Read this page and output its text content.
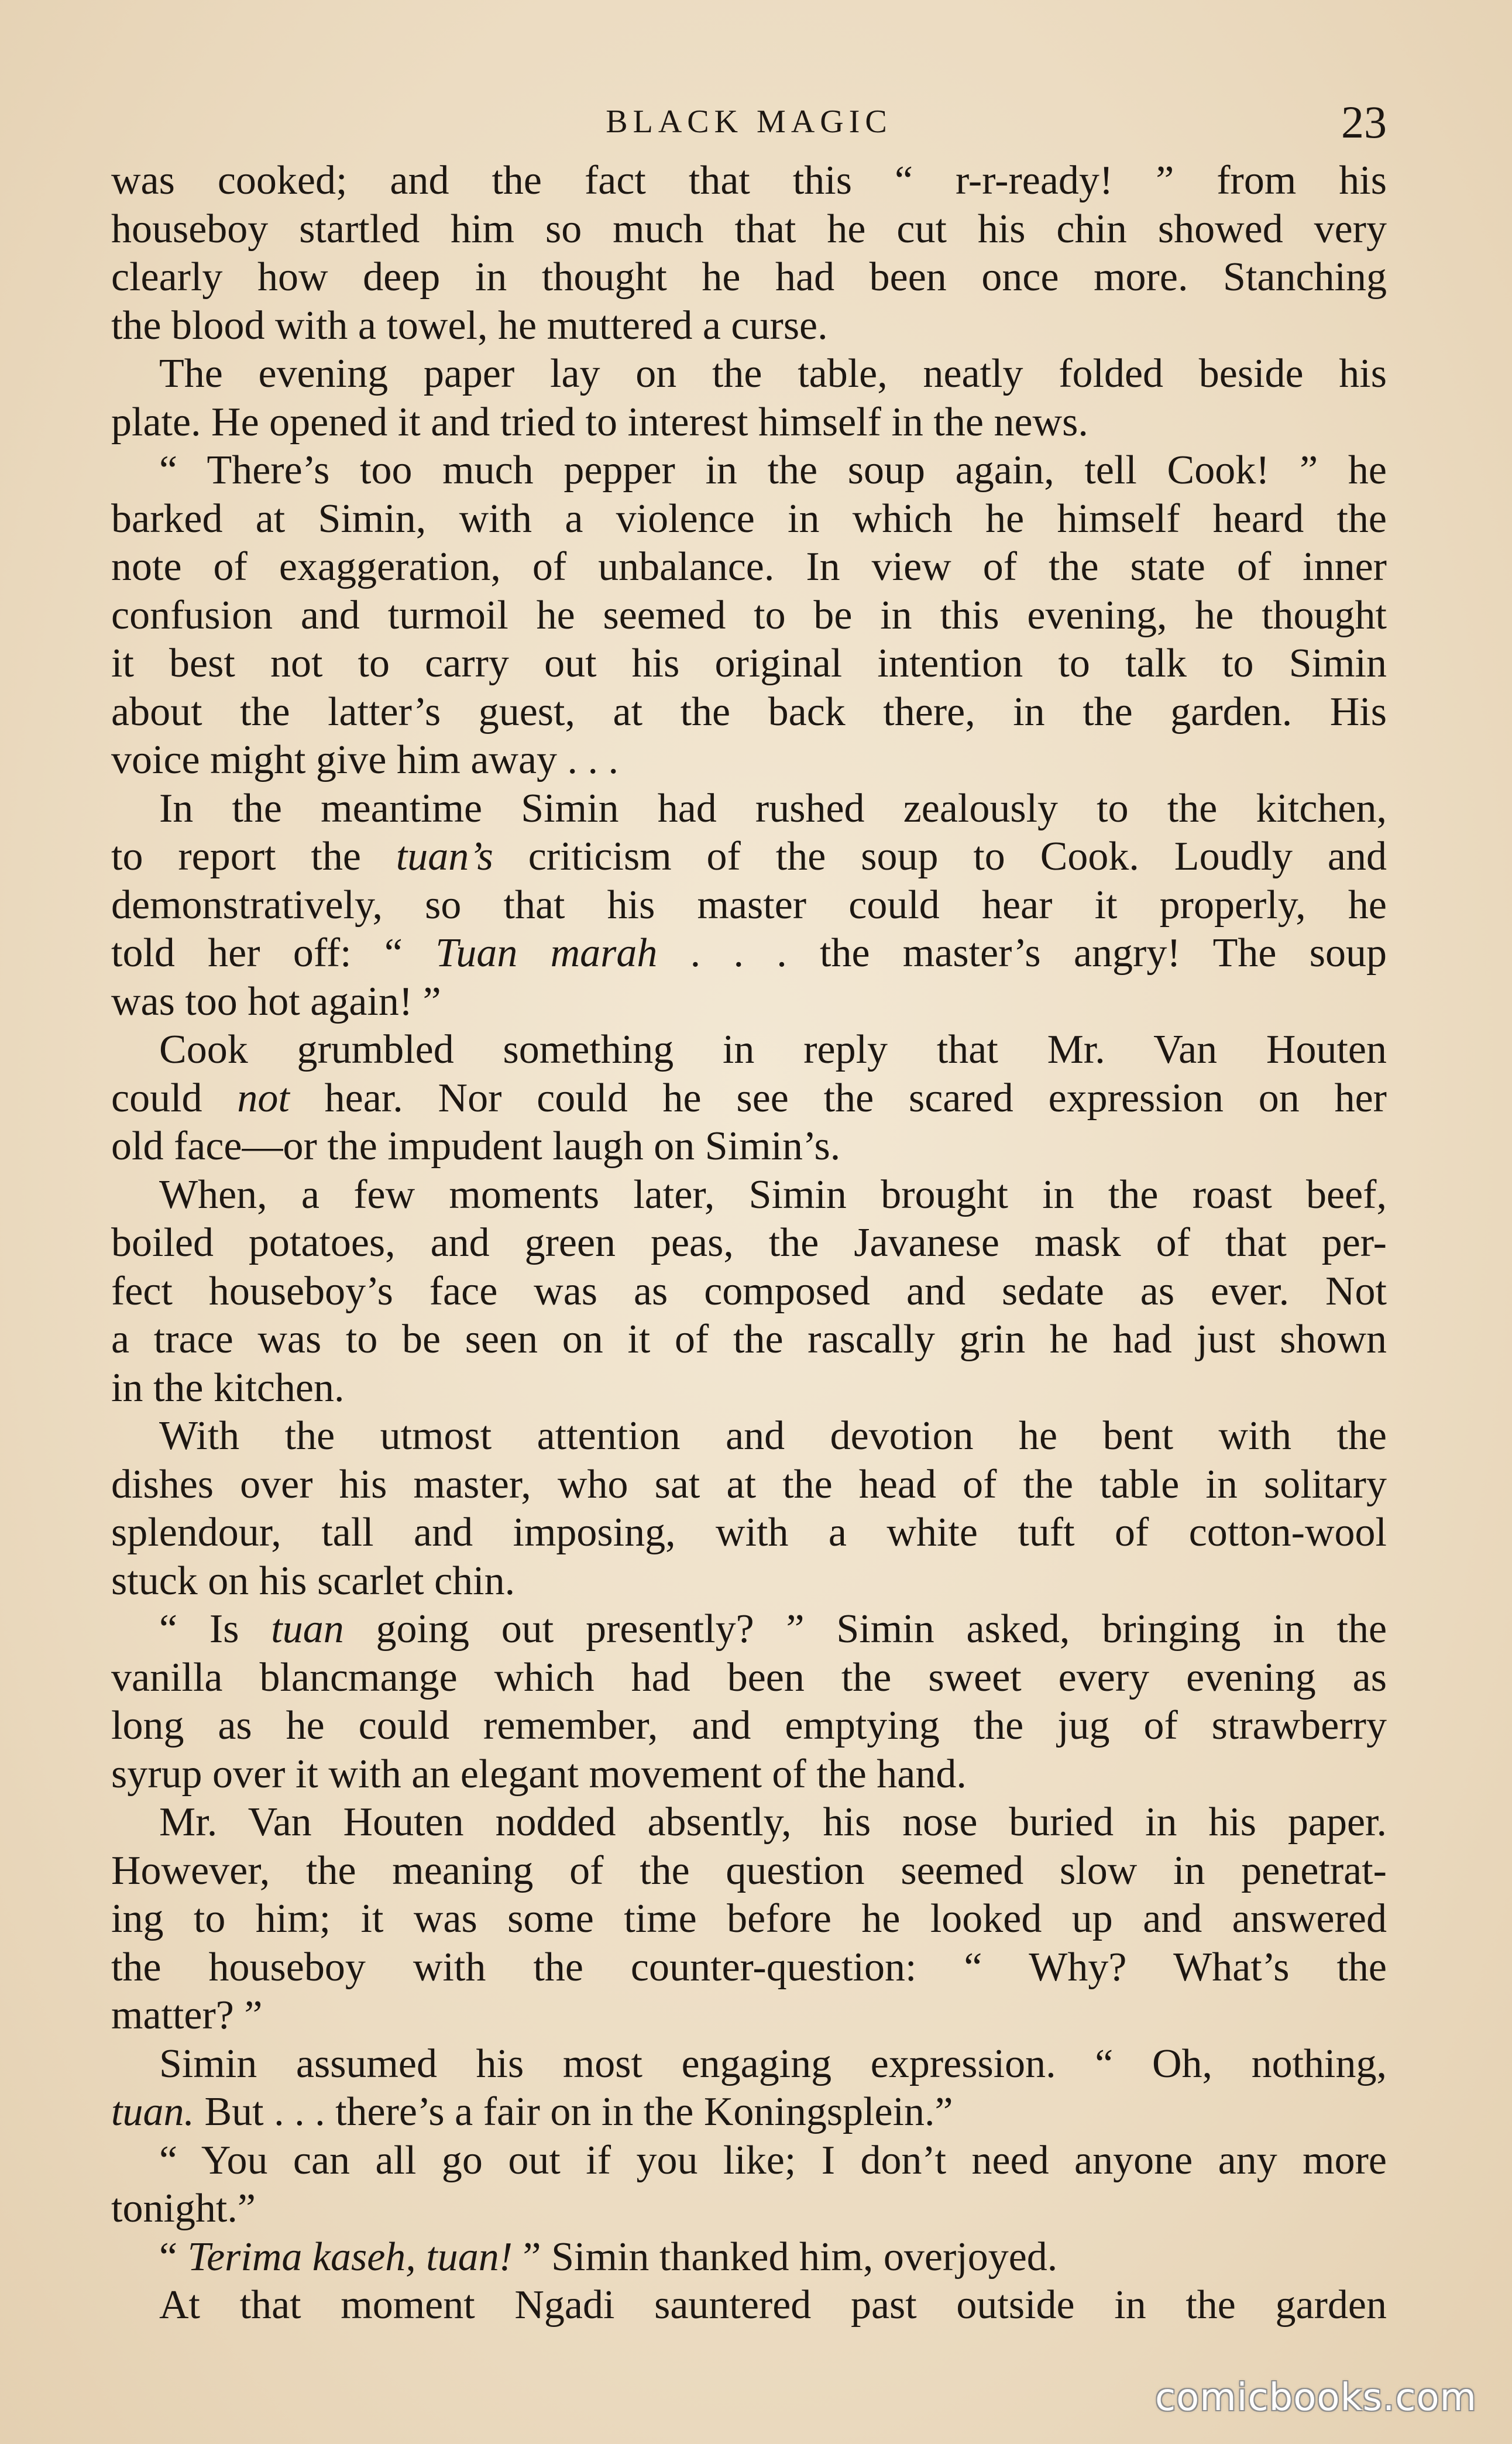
BLACK MAGIC	23
was cooked; and the fact that this “ r-r-ready! ” from his
houseboy startled him so much that he cut his chin showed very
clearly how deep in thought he had been once more. Stanching
the blood with a towel, he muttered a curse.
The evening paper lay on the table, neatly folded beside his
plate. He opened it and tried to interest himself in the news.
“ There’s too much pepper in the soup again, tell Cook! ” he
barked at Simin, with a violence in which he himself heard the
note of exaggeration, of unbalance. In view of the state of inner
confusion and turmoil he seemed to be in this evening, he thought
it best not to carry out his original intention to talk to Simin
about the latter’s guest, at the back there, in the garden. His
voice might give him away . . .
In the meantime Simin had rushed zealously to the kitchen,
to report the tuan’s criticism of the soup to Cook. Loudly and
demonstratively, so that his master could hear it properly, he
told her off: “ Tuan marah . . . the master’s angry! The soup
was too hot again! ”
Cook grumbled something in reply that Mr. Van Houten
could not hear. Nor could he see the scared expression on her
old face—or the impudent laugh on Simin’s.
When, a few moments later, Simin brought in the roast beef,
boiled potatoes, and green peas, the Javanese mask of that per-
fect houseboy’s face was as composed and sedate as ever. Not
a trace was to be seen on it of the rascally grin he had just shown
in the kitchen.
With the utmost attention and devotion he bent with the
dishes over his master, who sat at the head of the table in solitary
splendour, tall and imposing, with a white tuft of cotton-wool
stuck on his scarlet chin.
“ Is tuan going out presently? ” Simin asked, bringing in the
vanilla blancmange which had been the sweet every evening as
long as he could remember, and emptying the jug of strawberry
syrup over it with an elegant movement of the hand.
Mr. Van Houten nodded absently, his nose buried in his paper.
However, the meaning of the question seemed slow in penetrat-
ing to him; it was some time before he looked up and answered
the houseboy with the counter-question: “ Why? What’s the
matter? ”
Simin assumed his most engaging expression. “ Oh, nothing,
tuan. But . . . there’s a fair on in the Koningsplein.”
“ You can all go out if you like; I don’t need anyone any more
tonight.”
“ Terima kaseh, tuan! ” Simin thanked him, overjoyed.
At that moment Ngadi sauntered past outside in the garden
comicbooks.com
